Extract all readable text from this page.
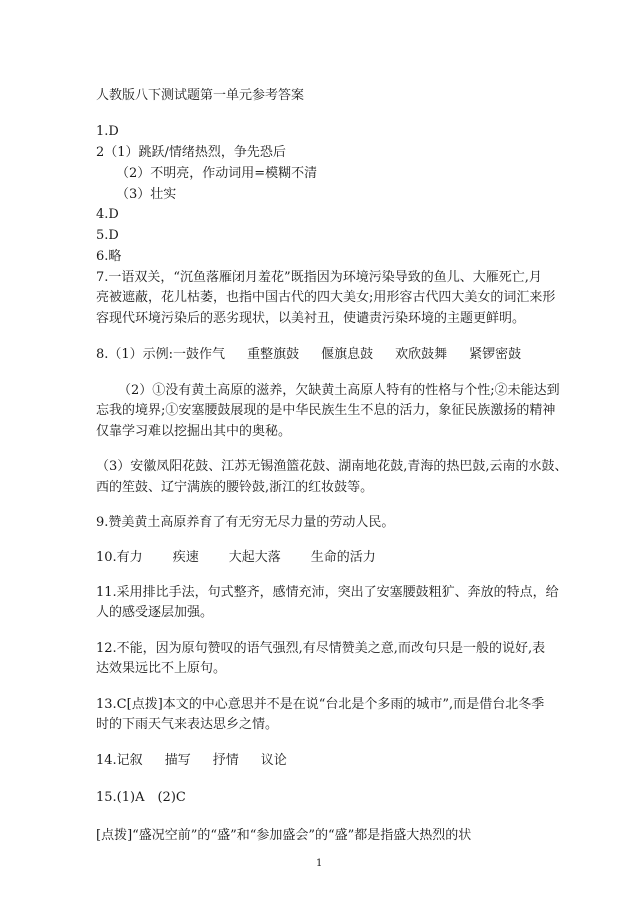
人教版八下测试题第一单元参考答案
1.D
2（1）跳跃/情绪热烈，争先恐后
（2）不明亮，作动词用=模糊不清
（3）壮实
4.D
5.D
6.略
7.一语双关，“沉鱼落雁闭月羞花”既指因为环境污染导致的鱼儿、大雁死亡,月
亮被遮蔽，花儿枯萎，也指中国古代的四大美女;用形容古代四大美女的词汇来形
容现代环境污染后的恶劣现状，以美衬丑，使谴责污染环境的主题更鲜明。
8.（1）示例:一鼓作气 重整旗鼓 偃旗息鼓 欢欣鼓舞 紧锣密鼓
（2）①没有黄土高原的滋养，欠缺黄土高原人特有的性格与个性;②未能达到
忘我的境界;①安塞腰鼓展现的是中华民族生生不息的活力，象征民族激扬的精神
仅靠学习难以挖掘出其中的奥秘。
（3）安徽凤阳花鼓、江苏无锡渔篮花鼓、湖南地花鼓,青海的热巴鼓,云南的水鼓、
西的笙鼓、辽宁满族的腰铃鼓,浙江的红妆鼓等。
9.赞美黄土高原养育了有无穷无尽力量的劳动人民。
10.有力 疾速 大起大落 生命的活力
11.采用排比手法，句式整齐，感情充沛，突出了安塞腰鼓粗犷、奔放的特点，给
人的感受逐层加强。
12.不能，因为原句赞叹的语气强烈,有尽情赞美之意,而改句只是一般的说好,表
达效果远比不上原句。
13.C[点拨]本文的中心意思并不是在说“台北是个多雨的城市”,而是借台北冬季
时的下雨天气来表达思乡之情。
14.记叙 描写 抒情 议论
15.(1)A　(2)C
[点拨]“盛况空前”的“盛”和“参加盛会”的“盛”都是指盛大热烈的状
1
